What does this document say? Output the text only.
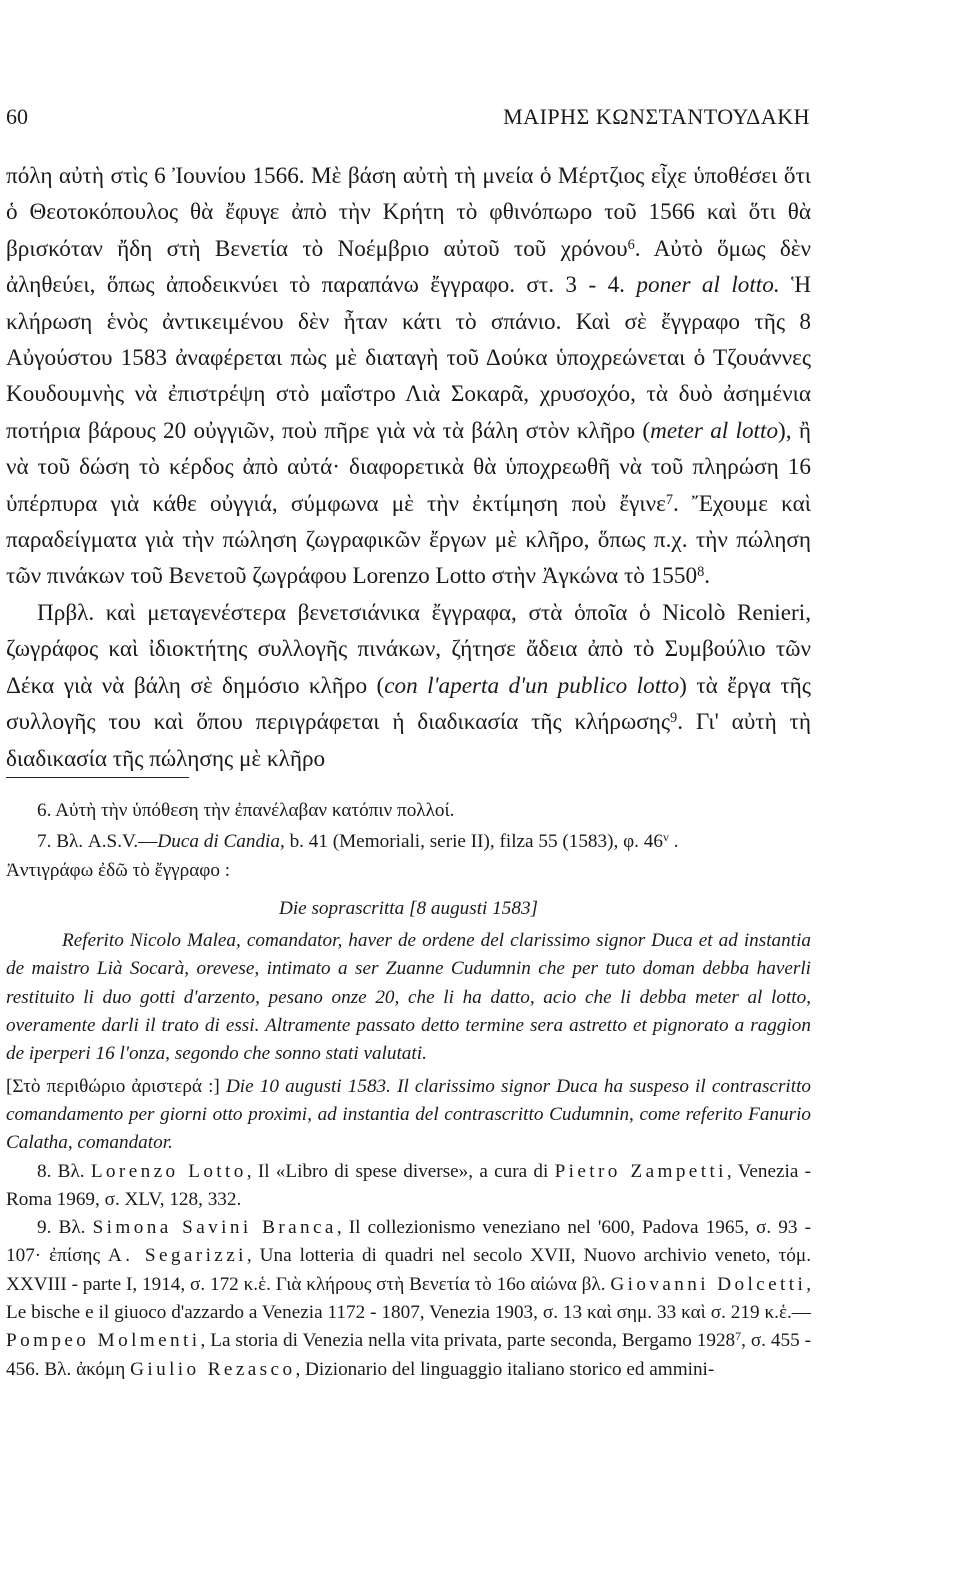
60	ΜΑΙΡΗΣ ΚΩΝΣΤΑΝΤΟΥΔΑΚΗ

πόλη αὐτὴ στὶς 6 Ἰουνίου 1566. Μὲ βάση αὐτὴ τὴ μνεία ὁ Μέρτζιος εἶχε ὑποθέσει ὅτι ὁ Θεοτοκόπουλος θὰ ἔφυγε ἀπὸ τὴν Κρήτη τὸ φθινόπωρο τοῦ 1566 καὶ ὅτι θὰ βρισκόταν ἤδη στὴ Βενετία τὸ Νοέμβριο αὐτοῦ τοῦ χρόνου$^6$. Αὐτὸ ὅμως δὲν ἀληθεύει, ὅπως ἀποδεικνύει τὸ παραπάνω ἔγγραφο. στ. 3 - 4. poner al lotto. Ἡ κλήρωση ἑνὸς ἀντικειμένου δὲν ἦταν κάτι τὸ σπάνιο. Καὶ σὲ ἔγγραφο τῆς 8 Αὐγούστου 1583 ἀναφέρεται πὼς μὲ διαταγὴ τοῦ Δούκα ὑποχρεώνεται ὁ Τζουάννες Κουδουμνὴς νὰ ἐπιστρέψη στὸ μαΐστρο Λιὰ Σοκαρᾶ, χρυσοχόο, τὰ δυὸ ἀσημένια ποτήρια βάρους 20 οὐγγιῶν, ποὺ πῆρε γιὰ νὰ τὰ βάλη στὸν κλῆρο (meter al lotto), ἢ νὰ τοῦ δώση τὸ κέρδος ἀπὸ αὐτά· διαφορετικὰ θὰ ὑποχρεωθῆ νὰ τοῦ πληρώση 16 ὑπέρπυρα γιὰ κάθε οὐγγιά, σύμφωνα μὲ τὴν ἐκτίμηση ποὺ ἔγινε$^7$. Ἔχουμε καὶ παραδείγματα γιὰ τὴν πώληση ζωγραφικῶν ἔργων μὲ κλῆρο, ὅπως π.χ. τὴν πώληση τῶν πινάκων τοῦ Βενετοῦ ζωγράφου Lorenzo Lotto στὴν Ἀγκώνα τὸ 1550$^8$.

Πρβλ. καὶ μεταγενέστερα βενετσιάνικα ἔγγραφα, στὰ ὁποῖα ὁ Nicolò Renieri, ζωγράφος καὶ ἰδιοκτήτης συλλογῆς πινάκων, ζήτησε ἄδεια ἀπὸ τὸ Συμβούλιο τῶν Δέκα γιὰ νὰ βάλη σὲ δημόσιο κλῆρο (con l'aperta d'un publico lotto) τὰ ἔργα τῆς συλλογῆς του καὶ ὅπου περιγράφεται ἡ διαδικασία τῆς κλήρωσης$^9$. Γι' αὐτὴ τὴ διαδικασία τῆς πώλησης μὲ κλῆρο

6. Αὐτὴ τὴν ὑπόθεση τὴν ἐπανέλαβαν κατόπιν πολλοί.

7. Βλ. A.S.V.—Duca di Candia, b. 41 (Memoriali, serie II), filza 55 (1583), φ. 46$^v$ .

Ἀντιγράφω ἐδῶ τὸ ἔγγραφο :

Die soprascritta [8 augusti 1583]

Referito Nicolo Malea, comandator, haver de ordene del clarissimo signor Duca et ad instantia de maistro Lià Socarà, orevese, intimato a ser Zuanne Cudumnin che per tuto doman debba haverli restituito li duo gotti d'arzento, pesano onze 20, che li ha datto, acio che li debba meter al lotto, overamente darli il trato di essi. Altramente passato detto termine sera astretto et pignorato a raggion de iperperi 16 l'onza, segondo che sonno stati valutati.

[Στὸ περιθώριο ἀριστερά :] Die 10 augusti 1583. Il clarissimo signor Duca ha suspeso il contrascritto comandamento per giorni otto proximi, ad instantia del contrascritto Cudumnin, come referito Fanurio Calatha, comandator.

8. Βλ. Lorenzo Lotto, Il «Libro di spese diverse», a cura di Pietro Zampetti, Venezia - Roma 1969, σ. XLV, 128, 332.

9. Βλ. Simona Savini Branca, Il collezionismo veneziano nel '600, Padova 1965, σ. 93 - 107· ἐπίσης A. Segarizzi, Una lotteria di quadri nel secolo XVII, Nuovo archivio veneto, τόμ. XXVIII - parte I, 1914, σ. 172 κ.ἑ. Γιὰ κλήρους στὴ Βενετία τὸ 16ο αἰώνα βλ. Giovanni Dolcetti, Le bische e il giuoco d'azzardo a Venezia 1172 - 1807, Venezia 1903, σ. 13 καὶ σημ. 33 καὶ σ. 219 κ.ἑ.— Pompeo Molmenti, La storia di Venezia nella vita privata, parte seconda, Bergamo 1928$^7$, σ. 455 - 456. Βλ. ἀκόμη Giulio Rezasco, Dizionario del linguaggio italiano storico ed ammini-
